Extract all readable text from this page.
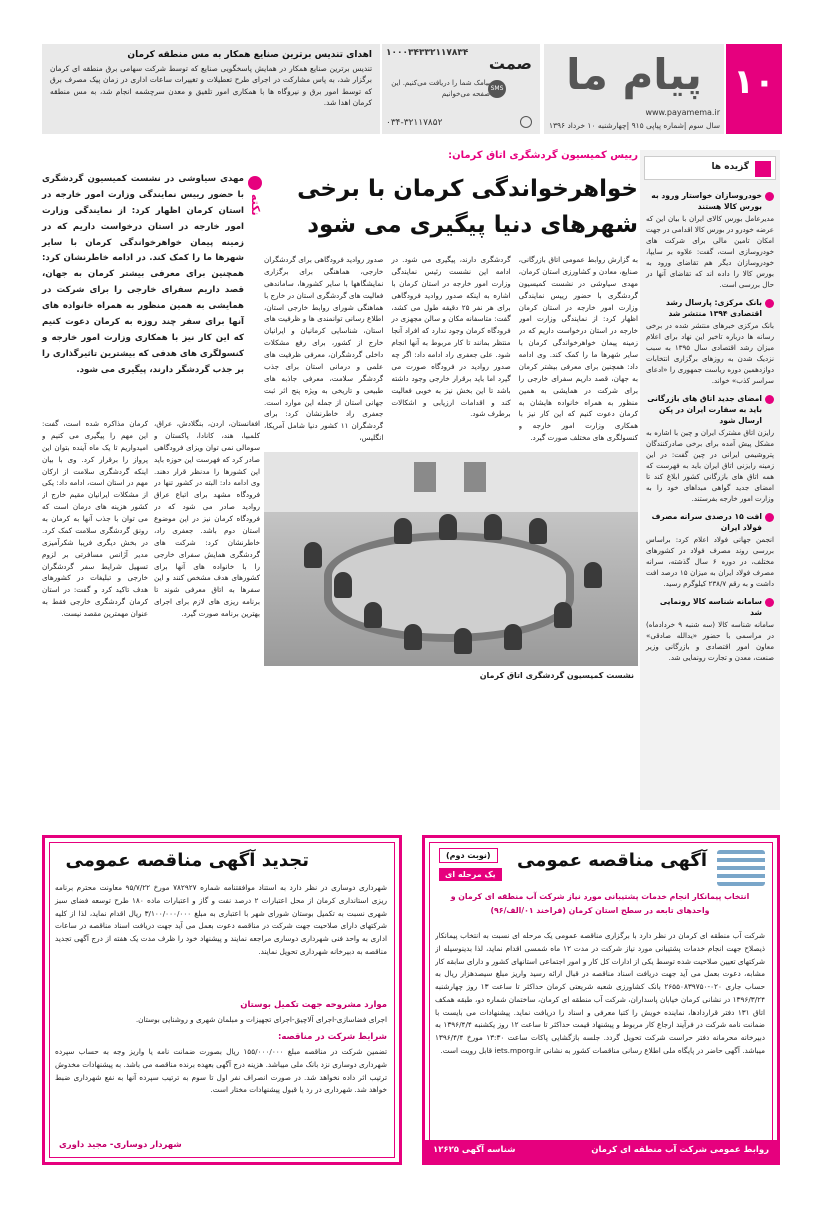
۱۰
پیام ما
www.payamema.ir
سال سوم‌ |شماره پیاپی ۹۱۵ |چهارشنبه ۱۰ خرداد ۱۳۹۶
صمت
۱۰۰۰۳۴۳۳۲۱۱۷۸۳۴
SMS
پیامک شما را دریافت می‌کنیم. این صفحه می‌خوانیم
۰۳۴-۳۲۱۱۷۸۵۲
اهدای تندیس برترین صنایع همکار به مس منطقه کرمان
تندیس برترین صنایع همکار در همایش پاسخگویی صنایع که توسط شرکت سهامی برق منطقه ای کرمان برگزار شد، به پاس مشارکت در اجرای طرح تعطیلات و تغییرات ساعات اداری در زمان پیک مصرف برق که توسط امور برق و نیروگاه ها با همکاری امور تلفیق و معدن سرچشمه انجام شد، به مس منطقه کرمان اهدا شد.
گزیده ها
خودروسازان خواستار ورود به بورس کالا هستند
مدیرعامل بورس کالای ایران با بیان این که عرضه خودرو در بورس کالا اقدامی در جهت امکان تامین مالی برای شرکت های خودروسازی است، گفت: علاوه بر سایپا، خودروسازان دیگر هم تقاضای ورود به بورس کالا را داده اند که تقاضای آنها در حال بررسی است.
بانک مرکزی: پارسال رشد اقتصادی ۱۳۹۴ منتشر شد
بانک مرکزی خبرهای منتشر شده در برخی رسانه ها درباره تاخیر این نهاد برای اعلام میزان رشد اقتصادی سال ۱۳۹۵ به سبب نزدیک شدن به روزهای برگزاری انتخابات دوازدهمین دوره ریاست جمهوری را «ادعای سراسر کذب» خواند.
امضای جدید اتاق های بازرگانی باید به سفارت ایران در پکن ارسال شود
رایزن اتاق مشترک ایران و چین با اشاره به مشکل پیش آمده برای برخی صادرکنندگان پتروشیمی ایرانی در چین گفت: در این زمینه رایزنی اتاق ایران باید به فهرست که همه اتاق های بازرگانی کشور ابلاغ کند تا امضای جدید گواهی مبداهای خود را به وزارت امور خارجه بفرستند.
افت ۱۵ درصدی سرانه مصرف فولاد ایران
انجمن جهانی فولاد اعلام کرد: براساس بررسی روند مصرف فولاد در کشورهای مختلف، در دوره ۶ سال گذشته، سرانه مصرف فولاد ایران به میزان ۱۵ درصد افت داشت و به رقم ۲۳۸/۷ کیلوگرم رسید.
سامانه شناسه کالا رونمایی شد
سامانه شناسه کالا (سه شنبه ۹ خردادماه) در مراسمی با حضور «یدالله صادقی» معاون امور اقتصادی و بازرگانی وزیر صنعت، معدن و تجارت رونمایی شد.
رییس کمیسیون گردشگری اتاق کرمان:
خواهرخواندگی کرمان با برخی شهرهای دنیا پیگیری می شود
به گزارش روابط عمومی اتاق بازرگانی، صنایع، معادن و کشاورزی استان کرمان، مهدی سیاوشی در نشست کمیسیون گردشگری با حضور رییس نمایندگی وزارت امور خارجه در استان کرمان اظهار کرد: از نمایندگی وزارت امور خارجه در استان درخواست داریم که در زمینه پیمان خواهرخواندگی کرمان با سایر شهرها ما را کمک کند. وی ادامه داد: همچنین برای معرفی بیشتر کرمان به جهان، قصد داریم سفرای خارجی را برای شرکت در همایشی به همین منظور به همراه خانواده هایشان به کرمان دعوت کنیم که این کار نیز با همکاری وزارت امور خارجه و کنسولگری های مختلف صورت گیرد.
گردشگری دارند، پیگیری می شود. در ادامه این نشست رئیس نمایندگی وزارت امور خارجه در استان کرمان با اشاره به اینکه صدور روادید فرودگاهی برای هر نفر ۲۵ دقیقه طول می کشد، گفت: متاسفانه مکان و سالن مجهزی در فرودگاه کرمان وجود ندارد که افراد آنجا منتظر بمانند تا کار مربوط به آنها انجام شود. علی جعفری راد ادامه داد: اگر چه صدور روادید در فرودگاه صورت می گیرد اما باید برقرار خارجی وجود داشته باشد تا این بخش نیز به خوبی فعالیت کند و اقدامات ارزیابی و اشکالات برطرف شود.
صدور روادید فرودگاهی برای گردشگران خارجی، هماهنگی برای برگزاری نمایشگاهها با سایر کشورها، ساماندهی فعالیت های گردشگری استان در خارج با هماهنگی شورای روابط خارجی استان، اطلاع رسانی توانمندی ها و ظرفیت های استان، شناسایی کرمانیان و ایرانیان خارج از کشور، برای رفع مشکلات داخلی گردشگران، معرفی ظرفیت های علمی و درمانی استان برای جذب گردشگر سلامت، معرفی جاذبه های طبیعی و تاریخی به ویژه پنج اثر ثبت جهانی استان از جمله این موارد است. جعفری راد خاطرنشان کرد: برای گردشگران ۱۱ کشور دنیا شامل آمریکا، انگلیس،
نشست کمیسیون گردشگری اتاق کرمان
نکته
مهدی سیاوشی در نشست کمیسیون گردشگری با حضور رییس نمایندگی وزارت امور خارجه در استان کرمان اظهار کرد: از نمایندگی وزارت امور خارجه در استان درخواست داریم که در زمینه پیمان خواهرخواندگی کرمان با سایر شهرها ما را کمک کند. در ادامه خاطرنشان کرد: همچنین برای معرفی بیشتر کرمان به جهان، قصد داریم سفرای خارجی را برای شرکت در همایشی به همین منظور به همراه خانواده های آنها برای سفر چند روزه به کرمان دعوت کنیم که این کار نیز با همکاری وزارت امور خارجه و کنسولگری های هدفی که بیشترین تاثیرگذاری را بر جذب گردشگر دارند، پیگیری می شود.
افغانستان، اردن، بنگلادش، عراق، کلمبیا، هند، کانادا، پاکستان و سومالی نمی توان ویزای فرودگاهی صادر کرد که فهرست این حوزه باید این کشورها را مدنظر قرار دهند. وی ادامه داد: البته در کشور تنها در فرودگاه مشهد برای اتباع عراق روادید صادر می شود که در فرودگاه کرمان نیز در این موضوع استان دوم باشد. جعفری راد، خاطرنشان کرد: شرکت های گردشگری همایش سفرای خارجی را با خانواده های آنها برای کشورهای هدف مشخص کنند و این سفرها به اتاق معرفی شوند تا برنامه ریزی های لازم برای اجرای بهترین برنامه صورت گیرد.
کرمان مذاکره شده است، گفت: این مهم را پیگیری می کنیم و امیدواریم تا یک ماه آینده بتوان این پرواز را برقرار کرد. وی با بیان اینکه گردشگری سلامت از ارکان مهم در استان است، ادامه داد: یکی از مشکلات ایرانیان مقیم خارج از کشور هزینه های درمان است که می توان با جذب آنها به کرمان به رونق گردشگری سلامت کمک کرد. در بخش دیگری فریبا شکرآمیزی مدیر آژانس مسافرتی بر لزوم تسهیل شرایط سفر گردشگران خارجی و تبلیغات در کشورهای هدف تاکید کرد و گفت: در استان کرمان گردشگری خارجی فقط به عنوان مهمترین مقصد نیست.
آگهی مناقصه عمومی
(نوبت دوم)
یک مرحله ای
انتخاب پیمانکار انجام خدمات پشتیبانی مورد نیاز شرکت آب منطقه ای کرمان و واحدهای تابعه در سطح استان کرمان (فراخند ۰۱/الف/۹۶)
شرکت آب منطقه ای کرمان در نظر دارد با برگزاری مناقصه عمومی یک مرحله ای نسبت به انتخاب پیمانکار ذیصلاح جهت انجام خدمات پشتیبانی مورد نیاز شرکت در مدت ۱۲ ماه شمسی اقدام نماید، لذا بدینوسیله از شرکتهای تعیین صلاحیت شده توسط یکی از ادارات کل کار و امور اجتماعی استانهای کشور و دارای سابقه کار مشابه، دعوت بعمل می آید جهت دریافت اسناد مناقصه در قبال ارائه رسید واریز مبلغ سیصدهزار ریال به حساب جاری ۰۲۰-۲۶۵۵۰۸۳۹۷۵۰ بانک کشاورزی شعبه شریعتی کرمان حداکثر تا ساعت ۱۳ روز چهارشنبه ۱۳۹۶/۳/۲۴ در نشانی کرمان خیابان پاسداران، شرکت آب منطقه ای کرمان، ساختمان شماره دو، طبقه همکف اتاق ۱۳۱ دفتر قراردادها، نماینده خویش را کتبا معرفی و اسناد را دریافت نماید. پیشنهادات می بایست با ضمانت نامه شرکت در فرآیند ارجاع کار مربوط و پیشنهاد قیمت حداکثر تا ساعت ۱۲ روز یکشنبه ۱۳۹۶/۴/۴ به دبیرخانه محرمانه دفتر حراست شرکت تحویل گردد. جلسه بازگشایی پاکات ساعت ۱۳:۳۰ مورخ ۱۳۹۶/۴/۴ میباشد. آگهی حاضر در پایگاه ملی اطلاع رسانی مناقصات کشور به نشانی iets.mporg.ir قابل رویت است.
روابط عمومی شرکت آب منطقه ای کرمان
شناسه آگهی ۱۲۶۲۵
تجدید آگهی مناقصه عمومی
شهرداری دوساری در نظر دارد به استناد موافقتنامه شماره ۷۸۲۹۲۷ مورخ ۹۵/۷/۲۲ معاونت محترم برنامه ریزی استانداری کرمان از محل اعتبارات ۲ درصد نفت و گاز و اعتبارات ماده ۱۸۰ طرح توسعه فضای سبز شهری نسبت به تکمیل بوستان شورای شهر با اعتباری به مبلغ ۳/۱۰۰/۰۰۰/۰۰۰ ریال اقدام نماید، لذا از کلیه شرکتهای دارای صلاحیت جهت شرکت در مناقصه دعوت بعمل می آید جهت دریافت اسناد مناقصه در ساعات اداری به واحد فنی شهرداری دوساری مراجعه نمایند و پیشنهاد خود را ظرف مدت یک هفته از درج آگهی تجدید مناقصه به دبیرخانه شهرداری تحویل نمایند.
موارد مشروحه جهت تکمیل بوستان
اجرای فضاسازی-اجرای آلاچیق-اجرای تجهیزات و مبلمان شهری و روشنایی بوستان.
شرایط شرکت در مناقصه:
تضمین شرکت در مناقصه مبلغ ۱۵۵/۰۰۰/۰۰۰ ریال بصورت ضمانت نامه یا واریز وجه به حساب سپرده شهرداری دوساری نزد بانک ملی میباشد. هزینه درج آگهی بعهده برنده مناقصه می باشد. به پیشنهادات مخدوش ترتیب اثر داده نخواهد شد. در صورت انصراف نفر اول تا سوم به ترتیب سپرده آنها به نفع شهرداری ضبط خواهد شد. شهرداری در رد یا قبول پیشنهادات مختار است.
شهردار دوساری- مجید داوری
